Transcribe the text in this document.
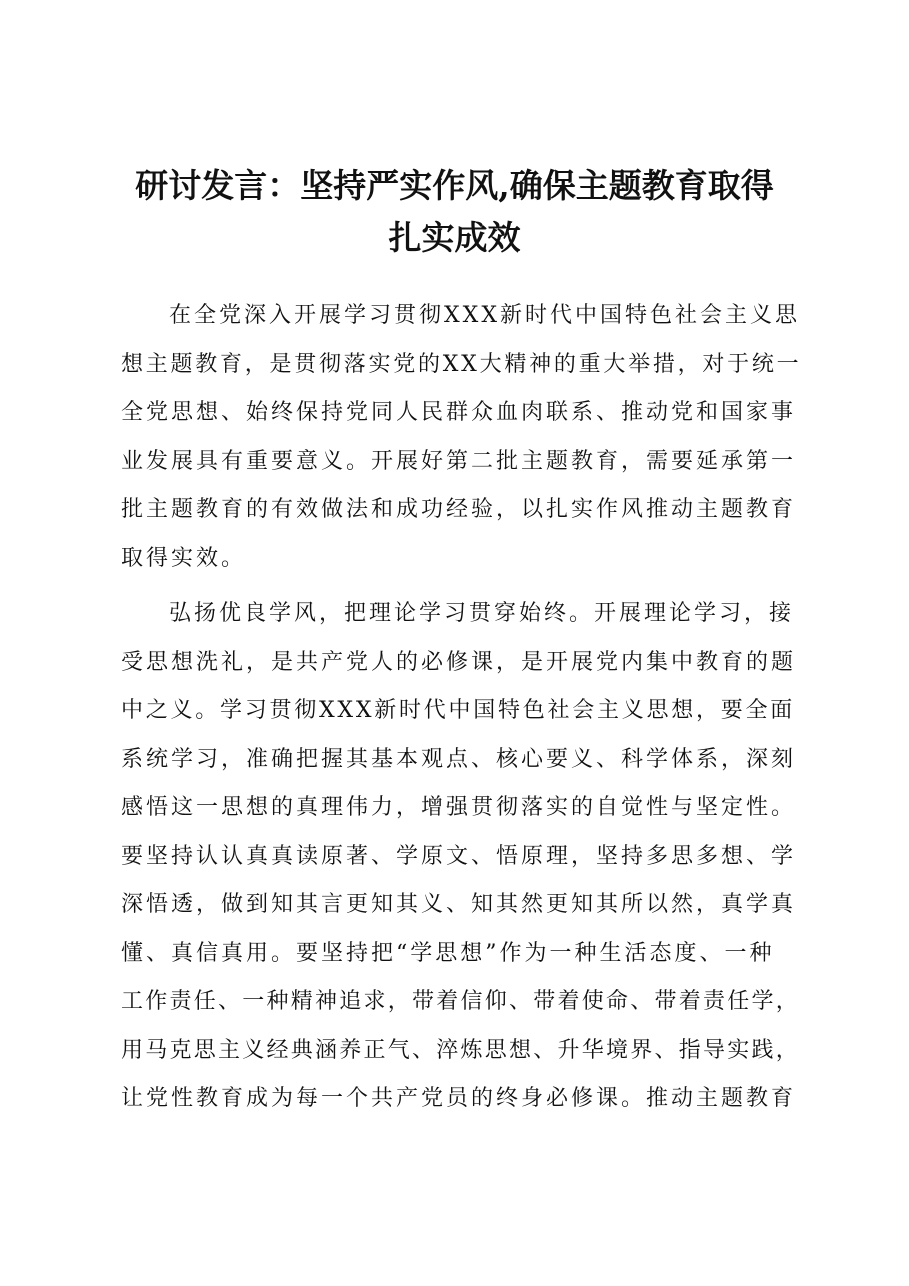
研讨发言：坚持严实作风,确保主题教育取得
扎实成效
在全党深入开展学习贯彻XXX新时代中国特色社会主义思
想主题教育，是贯彻落实党的XX大精神的重大举措，对于统一
全党思想、始终保持党同人民群众血肉联系、推动党和国家事
业发展具有重要意义。开展好第二批主题教育，需要延承第一
批主题教育的有效做法和成功经验，以扎实作风推动主题教育
取得实效。
弘扬优良学风，把理论学习贯穿始终。开展理论学习，接
受思想洗礼，是共产党人的必修课，是开展党内集中教育的题
中之义。学习贯彻XXX新时代中国特色社会主义思想，要全面
系统学习，准确把握其基本观点、核心要义、科学体系，深刻
感悟这一思想的真理伟力，增强贯彻落实的自觉性与坚定性。
要坚持认认真真读原著、学原文、悟原理，坚持多思多想、学
深悟透，做到知其言更知其义、知其然更知其所以然，真学真
懂、真信真用。要坚持把“学思想”作为一种生活态度、一种
工作责任、一种精神追求，带着信仰、带着使命、带着责任学，
用马克思主义经典涵养正气、淬炼思想、升华境界、指导实践，
让党性教育成为每一个共产党员的终身必修课。推动主题教育
